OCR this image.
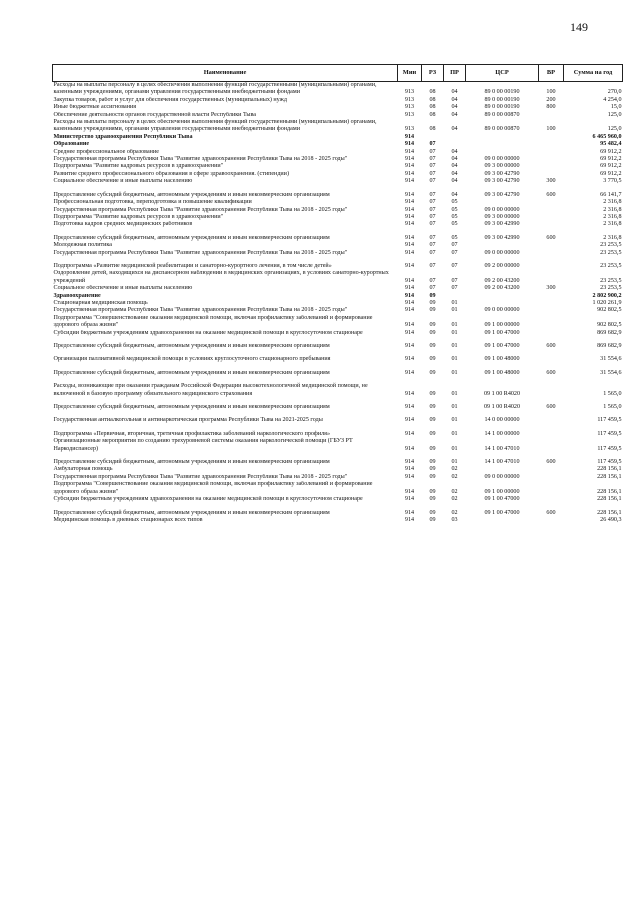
149
Наименование	Мин	РЗ	ПР	ЦСР	ВР	Сумма на год
Расходы на выплаты персоналу в целях обеспечения выполнения функций государственными (муниципальными) органами, казенными учреждениями, органами управления государственными внебюджетными фондами	913	08	04	89 0 00 00190	100	270,0
Закупка товаров, работ и услуг для обеспечения государственных (муниципальных) нужд	913	08	04	89 0 00 00190	200	4 254,0
Иные бюджетные ассигнования	913	08	04	89 0 00 00190	800	15,0
Обеспечение деятельности органов государственной власти Республики Тыва	913	08	04	89 0 00 00870		125,0
Расходы на выплаты персоналу в целях обеспечения выполнения функций государственными (муниципальными) органами, казенными учреждениями, органами управления государственными внебюджетными фондами	913	08	04	89 0 00 00870	100	125,0
Министерство здравоохранения Республики Тыва	914					6 465 960,0
Образование	914	07				95 482,4
Среднее профессиональное образование	914	07	04			69 912,2
Государственная программа Республики Тыва "Развитие здравоохранения Республики Тыва на 2018 - 2025 годы"	914	07	04	09 0 00 00000		69 912,2
Подпрограмма "Развитие кадровых ресурсов в здравоохранении"	914	07	04	09 3 00 00000		69 912,2
Развитие среднего профессионального образования в сфере здравоохранения. (стипендии)	914	07	04	09 3 00 42790		69 912,2
Социальное обеспечение и иные выплаты населению	914	07	04	09 3 00 42790	300	3 770,5
Предоставление субсидий бюджетным, автономным учреждениям и иным некоммерческим организациям	914	07	04	09 3 00 42790	600	66 141,7
Профессиональная подготовка, переподготовка и повышение квалификации	914	07	05			2 316,8
Государственная программа Республики Тыва "Развитие здравоохранения Республики Тыва на 2018 - 2025 годы"	914	07	05	09 0 00 00000		2 316,8
Подпрограмма "Развитие кадровых ресурсов в здравоохранении"	914	07	05	09 3 00 00000		2 316,8
Подготовка кадров средних медицинских работников	914	07	05	09 3 00 42990		2 316,8
Предоставление субсидий бюджетным, автономным учреждениям и иным некоммерческим организациям	914	07	05	09 3 00 42990	600	2 316,8
Молодежная политика	914	07	07			23 253,5
Государственная программа Республики Тыва "Развитие здравоохранения Республики Тыва на 2018 - 2025 годы"	914	07	07	09 0 00 00000		23 253,5
Подпрограмма «Развитие медицинской реабилитации и санаторно-курортного лечения, в том числе детей»	914	07	07	09 2 00 00000		23 253,5
Оздоровление детей, находящихся на диспансерном наблюдении в медицинских организациях, в условиях санаторно-курортных учреждений	914	07	07	09 2 00 43200		23 253,5
Социальное обеспечение и иные выплаты населению	914	07	07	09 2 00 43200	300	23 253,5
Здравоохранение	914	09				2 802 900,2
Стационарная медицинская помощь	914	09	01			1 020 261,9
Государственная программа Республики Тыва "Развитие здравоохранения Республики Тыва на 2018 - 2025 годы"	914	09	01	09 0 00 00000		902 802,5
Подпрограмма "Совершенствование оказания медицинской помощи, включая профилактику заболеваний и формирование здорового образа жизни"	914	09	01	09 1 00 00000		902 802,5
Субсидии бюджетным учреждениям здравоохранения на оказание медицинской помощи в круглосуточном стационаре	914	09	01	09 1 00 47000		869 682,9
Предоставление субсидий бюджетным, автономным учреждениям и иным некоммерческим организациям	914	09	01	09 1 00 47000	600	869 682,9
Организация паллиативной медицинской помощи в условиях круглосуточного стационарного пребывания	914	09	01	09 1 00 48000		31 554,6
Предоставление субсидий бюджетным, автономным учреждениям и иным некоммерческим организациям	914	09	01	09 1 00 48000	600	31 554,6
Расходы, возникающие при оказании гражданам Российской Федерации высокотехнологичной медицинской помощи, не включенной в базовую программу обязательного медицинского страхования	914	09	01	09 1 00 R4020		1 565,0
Предоставление субсидий бюджетным, автономным учреждениям и иным некоммерческим организациям	914	09	01	09 1 00 R4020	600	1 565,0
Государственная антиалкогольная и антинаркотическая программа Республики Тыва на 2021-2025 годы	914	09	01	14 0 00 00000		117 459,5
Подпрограмма «Первичная, вторичная, третичная профилактика заболеваний наркологического профиля»	914	09	01	14 1 00 00000		117 459,5
Организационные мероприятия по созданию трехуровневой системы оказания наркологической помощи (ГБУЗ РТ Наркодиспансер)	914	09	01	14 1 00 47010		117 459,5
Предоставление субсидий бюджетным, автономным учреждениям и иным некоммерческим организациям	914	09	01	14 1 00 47010	600	117 459,5
Амбулаторная помощь	914	09	02			228 156,1
Государственная программа Республики Тыва "Развитие здравоохранения Республики Тыва на 2018 - 2025 годы"	914	09	02	09 0 00 00000		228 156,1
Подпрограмма "Совершенствование оказания медицинской помощи, включая профилактику заболеваний и формирование здорового образа жизни"	914	09	02	09 1 00 00000		228 156,1
Субсидии бюджетным учреждениям здравоохранения на оказание медицинской помощи в круглосуточном стационаре	914	09	02	09 1 00 47000		228 156,1
Предоставление субсидий бюджетным, автономным учреждениям и иным некоммерческим организациям	914	09	02	09 1 00 47000	600	228 156,1
Медицинская помощь в дневных стационарах всех типов	914	09	03			26 490,3
